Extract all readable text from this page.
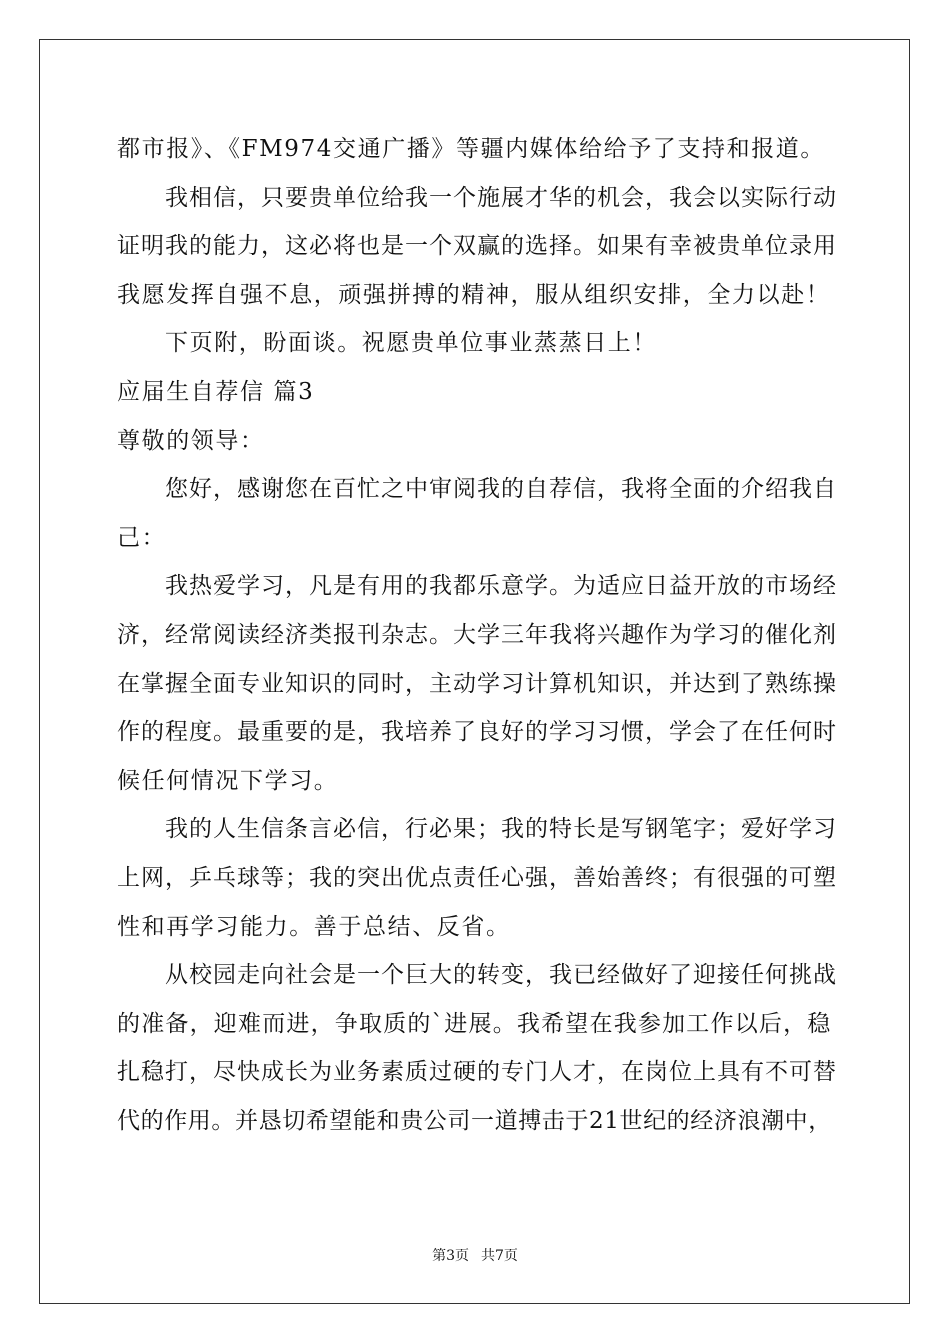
都市报》、《FM974交通广播》等疆内媒体给给予了支持和报道。
我相信，只要贵单位给我一个施展才华的机会，我会以实际行动
证明我的能力，这必将也是一个双赢的选择。如果有幸被贵单位录用
我愿发挥自强不息，顽强拼搏的精神，服从组织安排，全力以赴！
下页附，盼面谈。祝愿贵单位事业蒸蒸日上！
应届生自荐信 篇3
尊敬的领导：
您好，感谢您在百忙之中审阅我的自荐信，我将全面的介绍我自
己：
我热爱学习，凡是有用的我都乐意学。为适应日益开放的市场经
济，经常阅读经济类报刊杂志。大学三年我将兴趣作为学习的催化剂
在掌握全面专业知识的同时，主动学习计算机知识，并达到了熟练操
作的程度。最重要的是，我培养了良好的学习习惯，学会了在任何时
候任何情况下学习。
我的人生信条言必信，行必果；我的特长是写钢笔字；爱好学习
上网，乒乓球等；我的突出优点责任心强，善始善终；有很强的可塑
性和再学习能力。善于总结、反省。
从校园走向社会是一个巨大的转变，我已经做好了迎接任何挑战
的准备，迎难而进，争取质的`进展。我希望在我参加工作以后，稳
扎稳打，尽快成长为业务素质过硬的专门人才，在岗位上具有不可替
代的作用。并恳切希望能和贵公司一道搏击于21世纪的经济浪潮中，
第3页 共7页
